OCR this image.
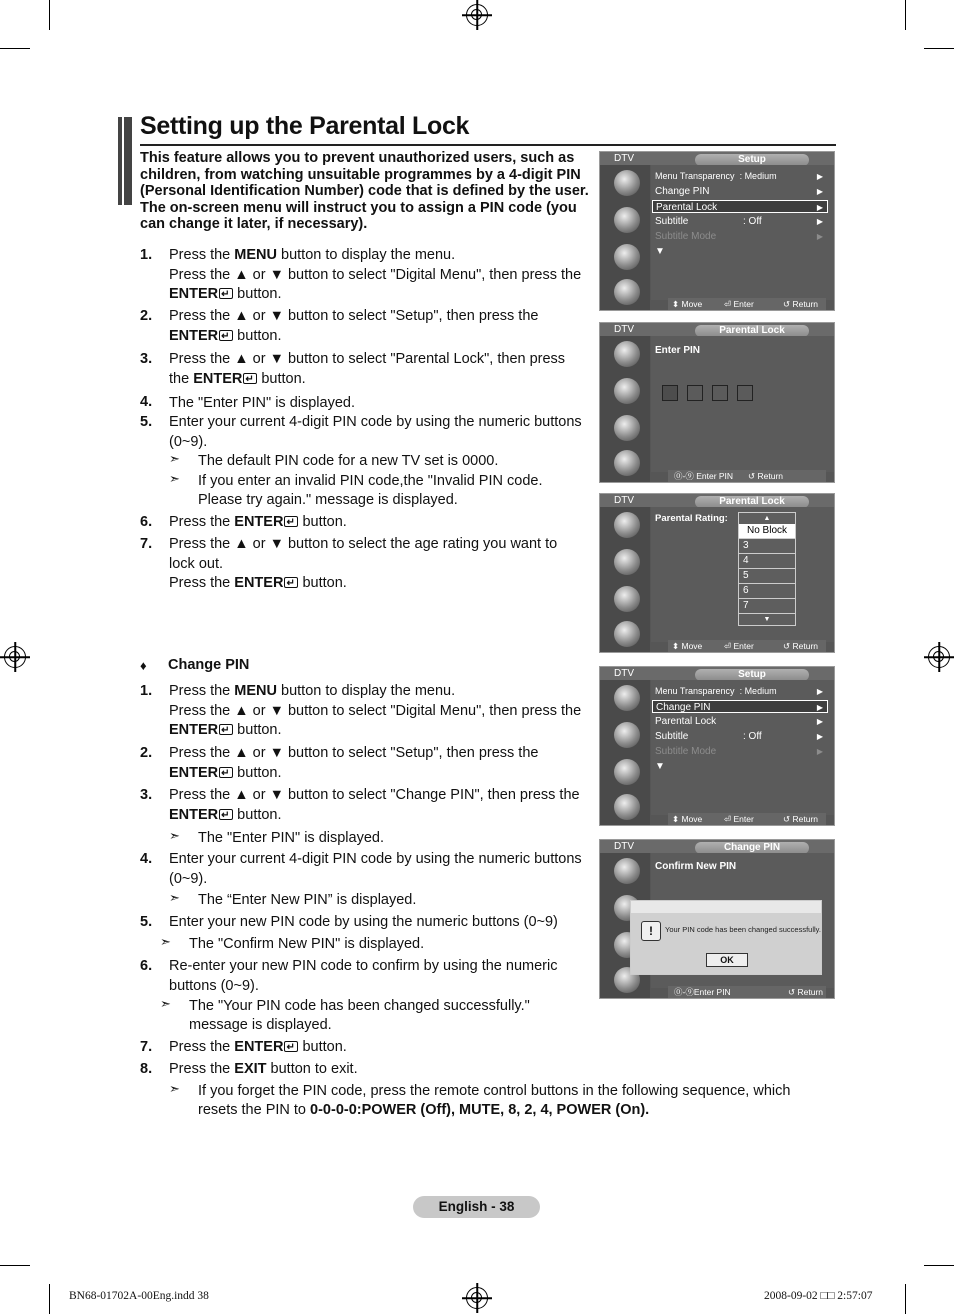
Setting up the Parental Lock
This feature allows you to prevent unauthorized users, such as children, from watching unsuitable programmes by a 4-digit PIN (Personal Identification Number) code that is defined by the user. The on-screen menu will instruct you to assign a PIN code (you can change it later, if necessary).
1. Press the MENU button to display the menu.
Press the ▲ or ▼ button to select "Digital Menu", then press the
ENTER↵ button.
2. Press the ▲ or ▼ button to select "Setup", then press the
ENTER↵ button.
3. Press the ▲ or ▼ button to select "Parental Lock", then press
the ENTER↵ button.
4. The "Enter PIN" is displayed.
5. Enter your current 4-digit PIN code by using the numeric buttons (0~9).
➣ The default PIN code for a new TV set is 0000.
➣ If you enter an invalid PIN code,the "Invalid PIN code. Please try again." message is displayed.
6. Press the ENTER↵ button.
7. Press the ▲ or ▼ button to select the age rating you want to lock out.
Press the ENTER↵ button.
♦ Change PIN
1. Press the MENU button to display the menu.
Press the ▲ or ▼ button to select "Digital Menu", then press the
ENTER↵ button.
2. Press the ▲ or ▼ button to select "Setup", then press the
ENTER↵ button.
3. Press the ▲ or ▼ button to select "Change PIN", then press the
ENTER↵ button.
➣ The "Enter PIN" is displayed.
4. Enter your current 4-digit PIN code by using the numeric buttons (0~9).
➣ The “Enter New PIN” is displayed.
5. Enter your new PIN code by using the numeric buttons (0~9)
➣ The "Confirm New PIN" is displayed.
6. Re-enter your new PIN code to confirm by using the numeric buttons (0~9).
➣ The "Your PIN code has been changed successfully." message is displayed.
7. Press the ENTER↵ button.
8. Press the EXIT button to exit.
➣ If you forget the PIN code, press the remote control buttons in the following sequence, which resets the PIN to 0-0-0-0:POWER (Off), MUTE, 8, 2, 4, POWER (On).
DTV	Setup
Menu Transparency : Medium	▶
Change PIN	▶
Parental Lock	▶
Subtitle	: Off	▶
Subtitle Mode	▶
▼
⬍ Move	⏎ Enter	↺ Return
DTV	Parental Lock
Enter PIN
⓪-⑨ Enter PIN ↺ Return
DTV	Parental Lock
Parental Rating:	▲
No Block
3
4
5
6
7
▼
⬍ Move	⏎ Enter	↺ Return
DTV	Setup
Menu Transparency : Medium	▶
Change PIN	▶
Parental Lock	▶
Subtitle	: Off	▶
Subtitle Mode	▶
▼
⬍ Move	⏎ Enter	↺ Return
DTV	Change PIN
Confirm New PIN
!	Your PIN code has been changed successfully.
OK
⓪-⑨Enter PIN	↺ Return
English - 38
BN68-01702A-00Eng.indd 38	2008-09-02 □□ 2:57:07
